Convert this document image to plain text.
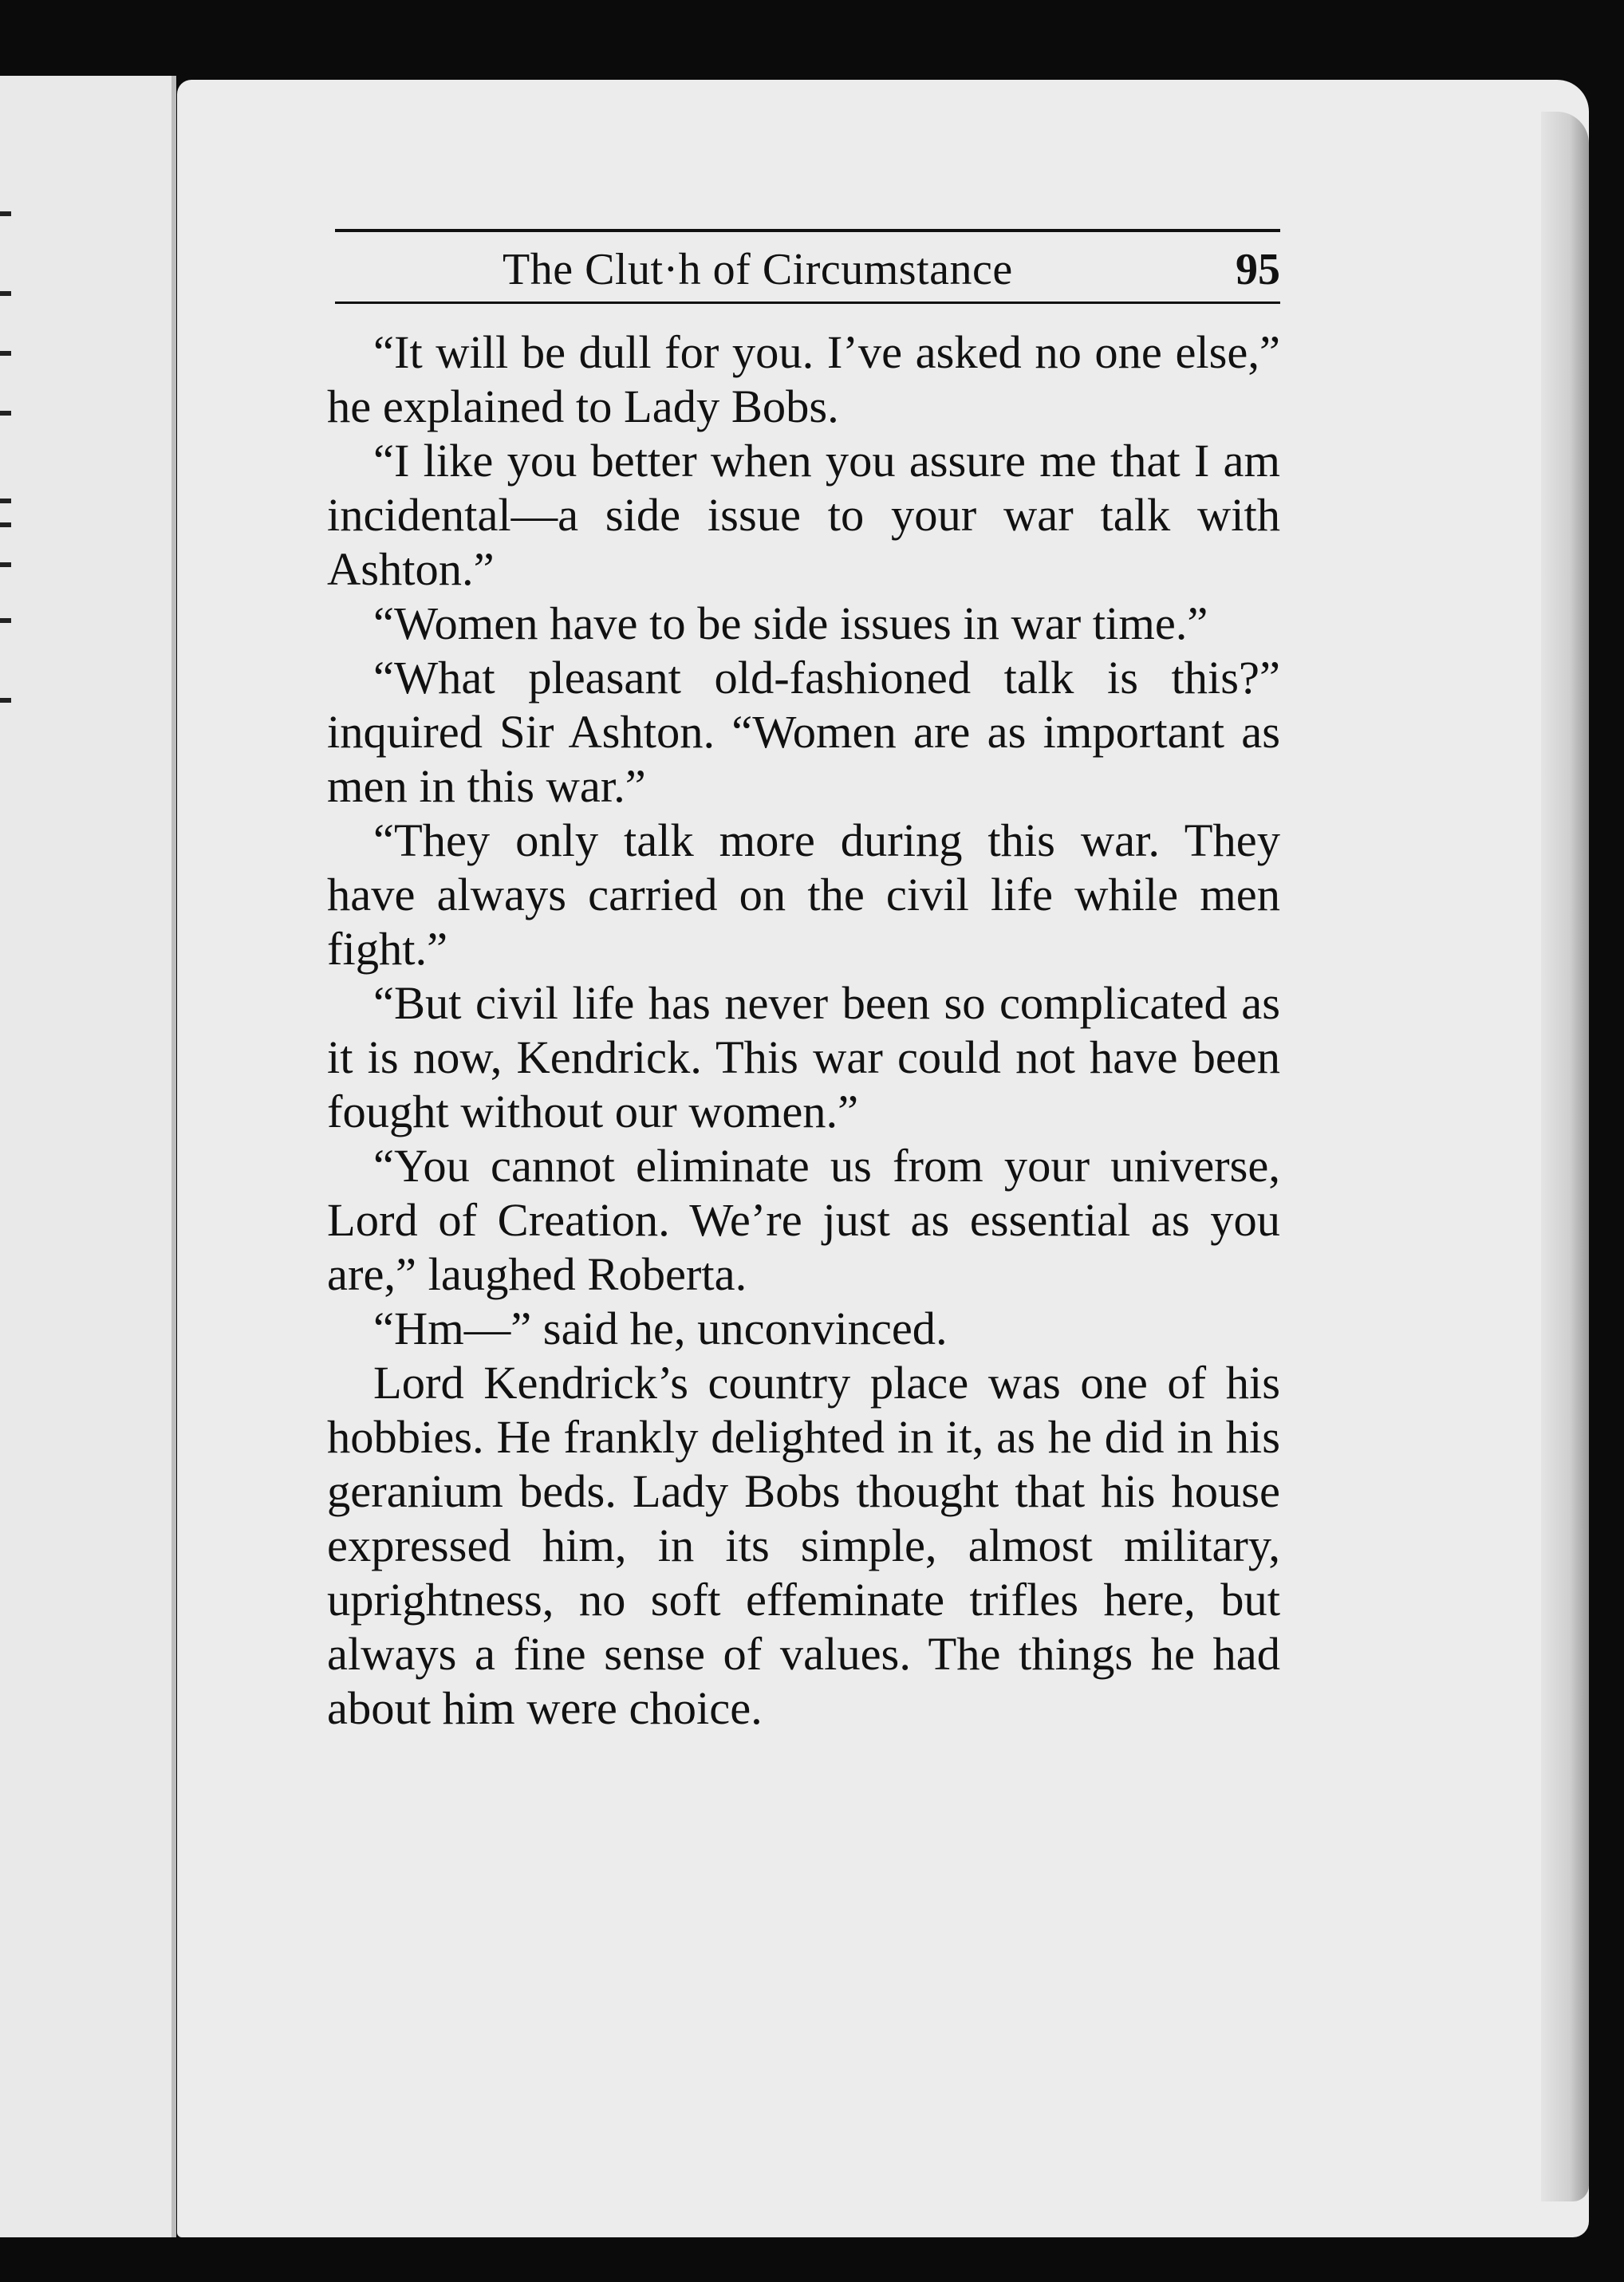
The Clut·h of Circumstance	95

“It will be dull for you. I’ve asked no one else,” he explained to Lady Bobs.

“I like you better when you assure me that I am incidental—a side issue to your war talk with Ashton.”

“Women have to be side issues in war time.”

“What pleasant old-fashioned talk is this?” inquired Sir Ashton. “Women are as important as men in this war.”

“They only talk more during this war. They have always carried on the civil life while men fight.”

“But civil life has never been so complicated as it is now, Kendrick. This war could not have been fought without our women.”

“You cannot eliminate us from your universe, Lord of Creation. We’re just as essential as you are,” laughed Roberta.

“Hm—” said he, unconvinced.

Lord Kendrick’s country place was one of his hobbies. He frankly delighted in it, as he did in his geranium beds. Lady Bobs thought that his house expressed him, in its simple, almost military, uprightness, no soft effeminate trifles here, but always a fine sense of values. The things he had about him were choice.
